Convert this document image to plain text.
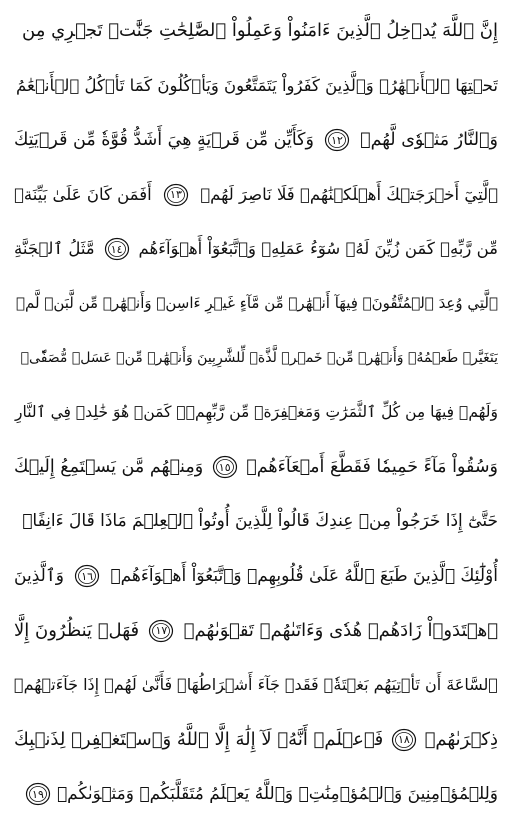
إِنَّ ٱللَّهَ يُدۡخِلُ ٱلَّذِينَ ءَامَنُواْ وَعَمِلُواْ ٱلصَّٰلِحَٰتِ جَنَّٰتٖ تَجۡرِي مِن
تَحۡتِهَا ٱلۡأَنۡهَٰرُۖ وَٱلَّذِينَ كَفَرُواْ يَتَمَتَّعُونَ وَيَأۡكُلُونَ كَمَا تَأۡكُلُ ٱلۡأَنۡعَٰمُ
وَٱلنَّارُ مَثۡوٗى لَّهُمۡ
١٢
وَكَأَيِّن مِّن قَرۡيَةٍ هِيَ أَشَدُّ قُوَّةٗ مِّن قَرۡيَتِكَ
ٱلَّتِيٓ أَخۡرَجَتۡكَ أَهۡلَكۡنَٰهُمۡ فَلَا نَاصِرَ لَهُمۡ
١٣
أَفَمَن كَانَ عَلَىٰ بَيِّنَةٖ
مِّن رَّبِّهِۦ كَمَن زُيِّنَ لَهُۥ سُوٓءُ عَمَلِهِۦ وَٱتَّبَعُوٓاْ أَهۡوَآءَهُم
١٤
مَّثَلُ ٱلۡجَنَّةِ
ٱلَّتِي وُعِدَ ٱلۡمُتَّقُونَۖ فِيهَآ أَنۡهَٰرٞ مِّن مَّآءٍ غَيۡرِ ءَاسِنٖ وَأَنۡهَٰرٞ مِّن لَّبَنٖ لَّمۡ
يَتَغَيَّرۡ طَعۡمُهُۥ وَأَنۡهَٰرٞ مِّنۡ خَمۡرٖ لَّذَّةٖ لِّلشَّٰرِبِينَ وَأَنۡهَٰرٞ مِّنۡ عَسَلٖ مُّصَفّٗىۖ
وَلَهُمۡ فِيهَا مِن كُلِّ ٱلثَّمَرَٰتِ وَمَغۡفِرَةٞ مِّن رَّبِّهِمۡۖ كَمَنۡ هُوَ خَٰلِدٞ فِي ٱلنَّارِ
وَسُقُواْ مَآءً حَمِيمٗا فَقَطَّعَ أَمۡعَآءَهُمۡ
١٥
وَمِنۡهُم مَّن يَسۡتَمِعُ إِلَيۡكَ
حَتَّىٰٓ إِذَا خَرَجُواْ مِنۡ عِندِكَ قَالُواْ لِلَّذِينَ أُوتُواْ ٱلۡعِلۡمَ مَاذَا قَالَ ءَانِفًاۚ
أُوْلَٰٓئِكَ ٱلَّذِينَ طَبَعَ ٱللَّهُ عَلَىٰ قُلُوبِهِمۡ وَٱتَّبَعُوٓاْ أَهۡوَآءَهُمۡ
١٦
وَٱلَّذِينَ
ٱهۡتَدَوۡاْ زَادَهُمۡ هُدٗى وَءَاتَىٰهُمۡ تَقۡوَىٰهُمۡ
١٧
فَهَلۡ يَنظُرُونَ إِلَّا
ٱلسَّاعَةَ أَن تَأۡتِيَهُم بَغۡتَةٗۖ فَقَدۡ جَآءَ أَشۡرَاطُهَاۚ فَأَنَّىٰ لَهُمۡ إِذَا جَآءَتۡهُمۡ
ذِكۡرَىٰهُمۡ
١٨
فَٱعۡلَمۡ أَنَّهُۥ لَآ إِلَٰهَ إِلَّا ٱللَّهُ وَٱسۡتَغۡفِرۡ لِذَنۢبِكَ
وَلِلۡمُؤۡمِنِينَ وَٱلۡمُؤۡمِنَٰتِۗ وَٱللَّهُ يَعۡلَمُ مُتَقَلَّبَكُمۡ وَمَثۡوَىٰكُمۡ
١٩
